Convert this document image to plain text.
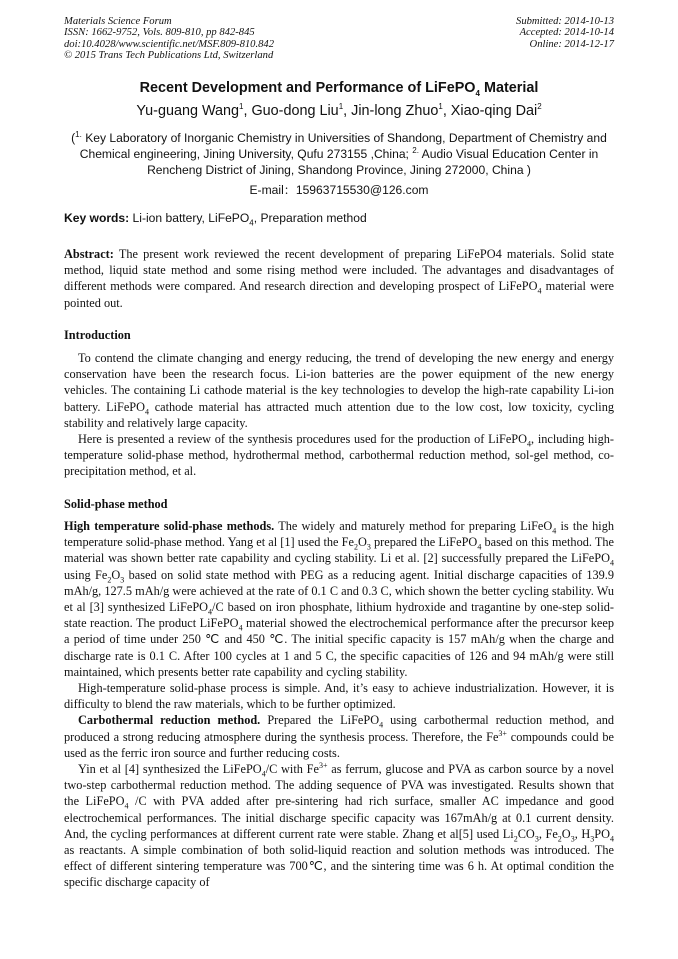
Materials Science Forum
ISSN: 1662-9752, Vols. 809-810, pp 842-845
doi:10.4028/www.scientific.net/MSF.809-810.842
© 2015 Trans Tech Publications Ltd, Switzerland
Submitted: 2014-10-13
Accepted: 2014-10-14
Online: 2014-12-17
Recent Development and Performance of LiFePO$_4$ Material
Yu-guang Wang$^1$, Guo-dong Liu$^1$, Jin-long Zhuo$^1$, Xiao-qing Dai$^2$
($^{1.}$ Key Laboratory of Inorganic Chemistry in Universities of Shandong, Department of Chemistry and Chemical engineering, Jining University, Qufu 273155 ,China; $^{2.}$ Audio Visual Education Center in Rencheng District of Jining, Shandong Province, Jining 272000, China )
E-mail：15963715530@126.com
Key words: Li-ion battery, LiFePO$_4$, Preparation method
Abstract: The present work reviewed the recent development of preparing LiFePO4 materials. Solid state method, liquid state method and some rising method were included. The advantages and disadvantages of different methods were compared. And research direction and developing prospect of LiFePO$_4$ material were pointed out.
Introduction

To contend the climate changing and energy reducing, the trend of developing the new energy and energy conservation have been the research focus. Li-ion batteries are the power equipment of the new energy vehicles. The containing Li cathode material is the key technologies to develop the high-rate capability Li-ion battery. LiFePO$_4$ cathode material has attracted much attention due to the low cost, low toxicity, cycling stability and relatively large capacity.

Here is presented a review of the synthesis procedures used for the production of LiFePO$_4$, including high-temperature solid-phase method, hydrothermal method, carbothermal reduction method, sol-gel method, co-precipitation method, et al.

Solid-phase method

High temperature solid-phase methods. The widely and maturely method for preparing LiFeO$_4$ is the high temperature solid-phase method. Yang et al [1] used the $Fe_2O_3$ prepared the LiFePO$_4$ based on this method. The material was shown better rate capability and cycling stability. Li et al. [2] successfully prepared the LiFePO$_4$ using $Fe_2O_3$ based on solid state method with PEG as a reducing agent. Initial discharge capacities of 139.9 mAh/g, 127.5 mAh/g were achieved at the rate of 0.1 C and 0.3 C, which shown the better cycling stability. Wu et al [3] synthesized LiFePO$_4$/C based on iron phosphate, lithium hydroxide and tragantine by one-step solid-state reaction. The product LiFePO$_4$ material showed the electrochemical performance after the precursor keep a period of time under 250 ℃ and 450 ℃. The initial specific capacity is 157 mAh/g when the charge and discharge rate is 0.1 C. After 100 cycles at 1 and 5 C, the specific capacities of 126 and 94 mAh/g were still maintained, which presents better rate capability and cycling stability.

High-temperature solid-phase process is simple. And, it’s easy to achieve industrialization. However, it is difficulty to blend the raw materials, which to be further optimized.

Carbothermal reduction method. Prepared the LiFePO$_4$ using carbothermal reduction method, and produced a strong reducing atmosphere during the synthesis process. Therefore, the $Fe^{3+}$ compounds could be used as the ferric iron source and further reducing costs.

Yin et al [4] synthesized the LiFePO$_4$/C with $Fe^{3+}$ as ferrum, glucose and PVA as carbon source by a novel two-step carbothermal reduction method. The adding sequence of PVA was investigated. Results shown that the LiFePO$_4$ /C with PVA added after pre-sintering had rich surface, smaller AC impedance and good electrochemical performances. The initial discharge specific capacity was 167mAh/g at 0.1 current density. And, the cycling performances at different current rate were stable. Zhang et al[5] used $Li_2CO_3$, $Fe_2O_3$, $H_3PO_4$ as reactants. A simple combination of both solid-liquid reaction and solution methods was introduced. The effect of different sintering temperature was 700℃, and the sintering time was 6 h. At optimal condition the specific discharge capacity of
